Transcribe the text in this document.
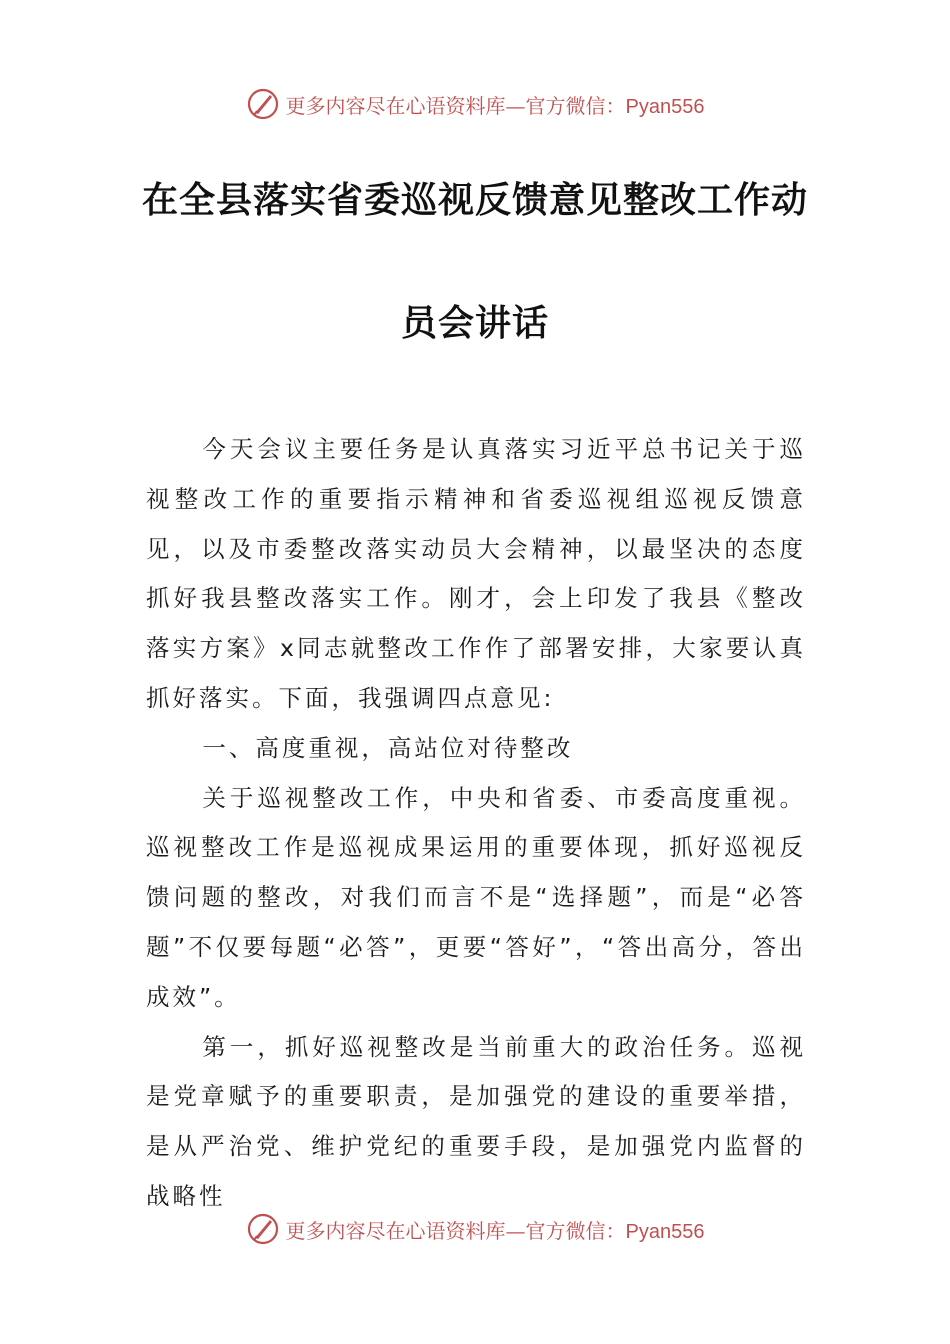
更多内容尽在心语资料库—官方微信：Pyan556
在全县落实省委巡视反馈意见整改工作动
员会讲话

今天会议主要任务是认真落实习近平总书记关于巡视整改工作的重要指示精神和省委巡视组巡视反馈意见，以及市委整改落实动员大会精神，以最坚决的态度抓好我县整改落实工作。刚才，会上印发了我县《整改落实方案》x同志就整改工作作了部署安排，大家要认真抓好落实。下面，我强调四点意见:

一、高度重视，高站位对待整改

关于巡视整改工作，中央和省委、市委高度重视。巡视整改工作是巡视成果运用的重要体现，抓好巡视反馈问题的整改，对我们而言不是“选择题”，而是“必答题”不仅要每题“必答”，更要“答好”，“答出高分，答出成效”。

第一，抓好巡视整改是当前重大的政治任务。巡视是党章赋予的重要职责，是加强党的建设的重要举措，是从严治党、维护党纪的重要手段，是加强党内监督的战略性

更多内容尽在心语资料库—官方微信：Pyan556
